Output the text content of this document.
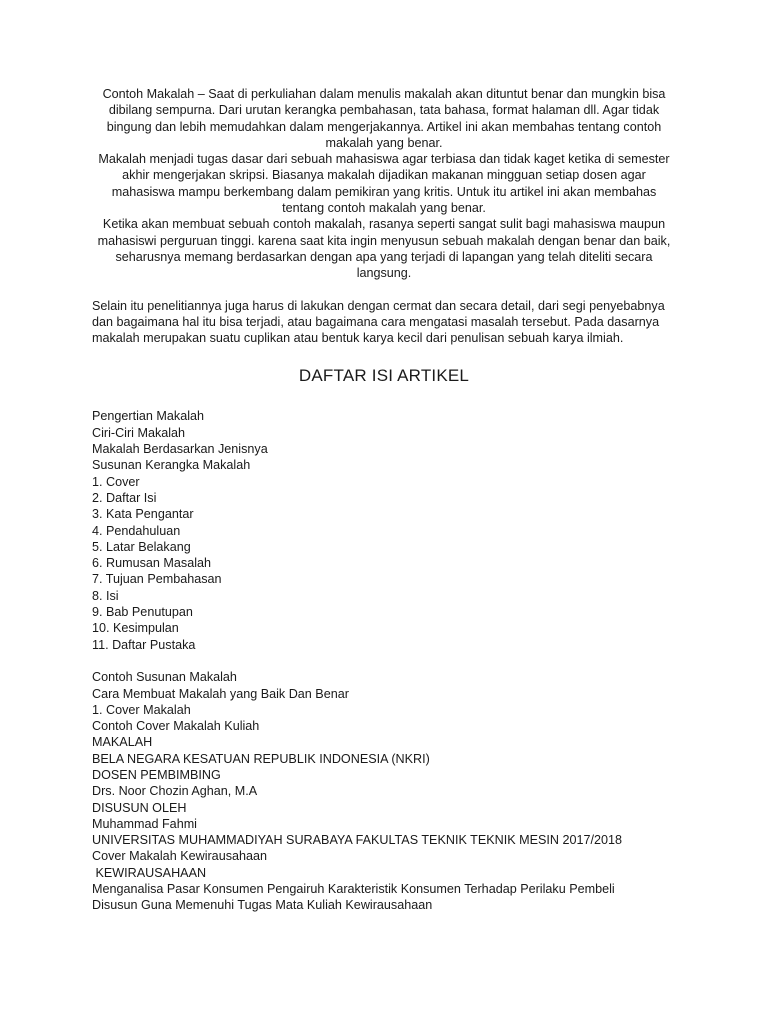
Contoh Makalah – Saat di perkuliahan dalam menulis makalah akan dituntut benar dan mungkin bisa dibilang sempurna. Dari urutan kerangka pembahasan, tata bahasa, format halaman dll. Agar tidak bingung dan lebih memudahkan dalam mengerjakannya. Artikel ini akan membahas tentang contoh makalah yang benar.

Makalah menjadi tugas dasar dari sebuah mahasiswa agar terbiasa dan tidak kaget ketika di semester akhir mengerjakan skripsi. Biasanya makalah dijadikan makanan mingguan setiap dosen agar mahasiswa mampu berkembang dalam pemikiran yang kritis. Untuk itu artikel ini akan membahas tentang contoh makalah yang benar.

Ketika akan membuat sebuah contoh makalah, rasanya seperti sangat sulit bagi mahasiswa maupun mahasiswi perguruan tinggi. karena saat kita ingin menyusun sebuah makalah dengan benar dan baik, seharusnya memang berdasarkan dengan apa yang terjadi di lapangan yang telah diteliti secara langsung.

Selain itu penelitiannya juga harus di lakukan dengan cermat dan secara detail, dari segi penyebabnya dan bagaimana hal itu bisa terjadi, atau bagaimana cara mengatasi masalah tersebut. Pada dasarnya makalah merupakan suatu cuplikan atau bentuk karya kecil dari penulisan sebuah karya ilmiah.

DAFTAR ISI ARTIKEL
Pengertian Makalah
Ciri-Ciri Makalah
Makalah Berdasarkan Jenisnya
Susunan Kerangka Makalah
1. Cover
2. Daftar Isi
3. Kata Pengantar
4. Pendahuluan
5. Latar Belakang
6. Rumusan Masalah
7. Tujuan Pembahasan
8. Isi
9. Bab Penutupan
10. Kesimpulan
11. Daftar Pustaka
Contoh Susunan Makalah
Cara Membuat Makalah yang Baik Dan Benar
1. Cover Makalah
Contoh Cover Makalah Kuliah
MAKALAH
BELA NEGARA KESATUAN REPUBLIK INDONESIA (NKRI)
DOSEN PEMBIMBING
Drs. Noor Chozin Aghan, M.A
DISUSUN OLEH
Muhammad Fahmi
UNIVERSITAS MUHAMMADIYAH SURABAYA FAKULTAS TEKNIK TEKNIK MESIN 2017/2018
Cover Makalah Kewirausahaan
KEWIRAUSAHAAN
Menganalisa Pasar Konsumen Pengairuh Karakteristik Konsumen Terhadap Perilaku Pembeli
Disusun Guna Memenuhi Tugas Mata Kuliah Kewirausahaan
